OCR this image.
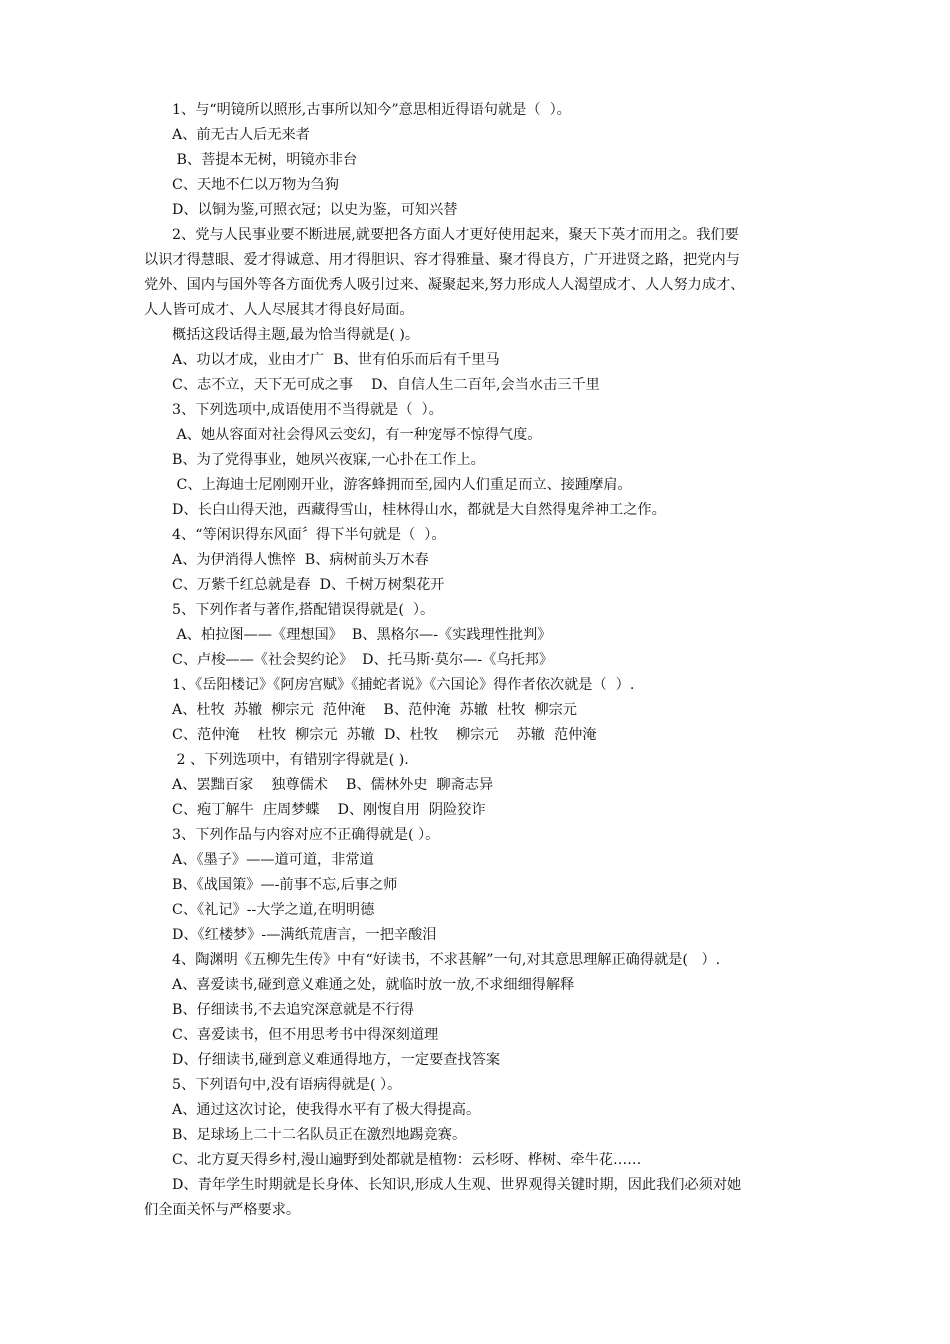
1、与“明镜所以照形,古事所以知今”意思相近得语句就是（  ）。
A、前无古人后无来者
B、菩提本无树，明镜亦非台
C、天地不仁以万物为刍狗
D、以铜为鉴,可照衣冠；以史为鉴，可知兴替
2、党与人民事业要不断进展,就要把各方面人才更好使用起来，聚天下英才而用之。我们要
以识才得慧眼、爱才得诚意、用才得胆识、容才得雅量、聚才得良方，广开进贤之路，把党内与
党外、国内与国外等各方面优秀人吸引过来、凝聚起来,努力形成人人渴望成才、人人努力成才、
人人皆可成才、人人尽展其才得良好局面。
概括这段话得主题,最为恰当得就是( )。
A、功以才成，业由才广  B、世有伯乐而后有千里马
C、志不立，天下无可成之事    D、自信人生二百年,会当水击三千里
3、下列选项中,成语使用不当得就是（  ）。
A、她从容面对社会得风云变幻，有一种宠辱不惊得气度。
B、为了党得事业，她夙兴夜寐,一心扑在工作上。
C、上海迪士尼刚刚开业，游客蜂拥而至,园内人们重足而立、接踵摩肩。
D、长白山得天池，西藏得雪山，桂林得山水，都就是大自然得鬼斧神工之作。
4、“等闲识得东风面〞得下半句就是（  ）。
A、为伊消得人憔悴  B、病树前头万木春
C、万紫千红总就是春  D、千树万树梨花开
5、下列作者与著作,搭配错误得就是(  ）。
A、柏拉图——《理想国》  B、黑格尔—-《实践理性批判》
C、卢梭——《社会契约论》  D、托马斯·莫尔—-《乌托邦》
1、《岳阳楼记》《阿房宫赋》《捕蛇者说》《六国论》得作者依次就是（  ）.
A、杜牧  苏辙  柳宗元  范仲淹    B、范仲淹  苏辙  杜牧  柳宗元
C、范仲淹    杜牧  柳宗元  苏辙  D、杜牧    柳宗元    苏辙  范仲淹
2 、下列选项中，有错别字得就是( ).
A、罢黜百家    独尊儒术    B、儒林外史  聊斋志异
C、疱丁解牛  庄周梦蝶    D、刚愎自用  阴险狡诈
3、下列作品与内容对应不正确得就是( ）。
A、《墨子》——道可道，非常道
B、《战国策》—-前事不忘,后事之师
C、《礼记》--大学之道,在明明德
D、《红楼梦》-—满纸荒唐言，一把辛酸泪
4、陶渊明《五柳先生传》中有“好读书，不求甚解”一句,对其意思理解正确得就是(   ）.
A、喜爱读书,碰到意义难通之处，就临时放一放,不求细细得解释
B、仔细读书,不去追究深意就是不行得
C、喜爱读书，但不用思考书中得深刻道理
D、仔细读书,碰到意义难通得地方，一定要查找答案
5、下列语句中,没有语病得就是( ）。
A、通过这次讨论，使我得水平有了极大得提高。
B、足球场上二十二名队员正在激烈地踢竞赛。
C、北方夏天得乡村,漫山遍野到处都就是植物：云杉呀、桦树、牵牛花……
D、青年学生时期就是长身体、长知识,形成人生观、世界观得关键时期，因此我们必须对她
们全面关怀与严格要求。
